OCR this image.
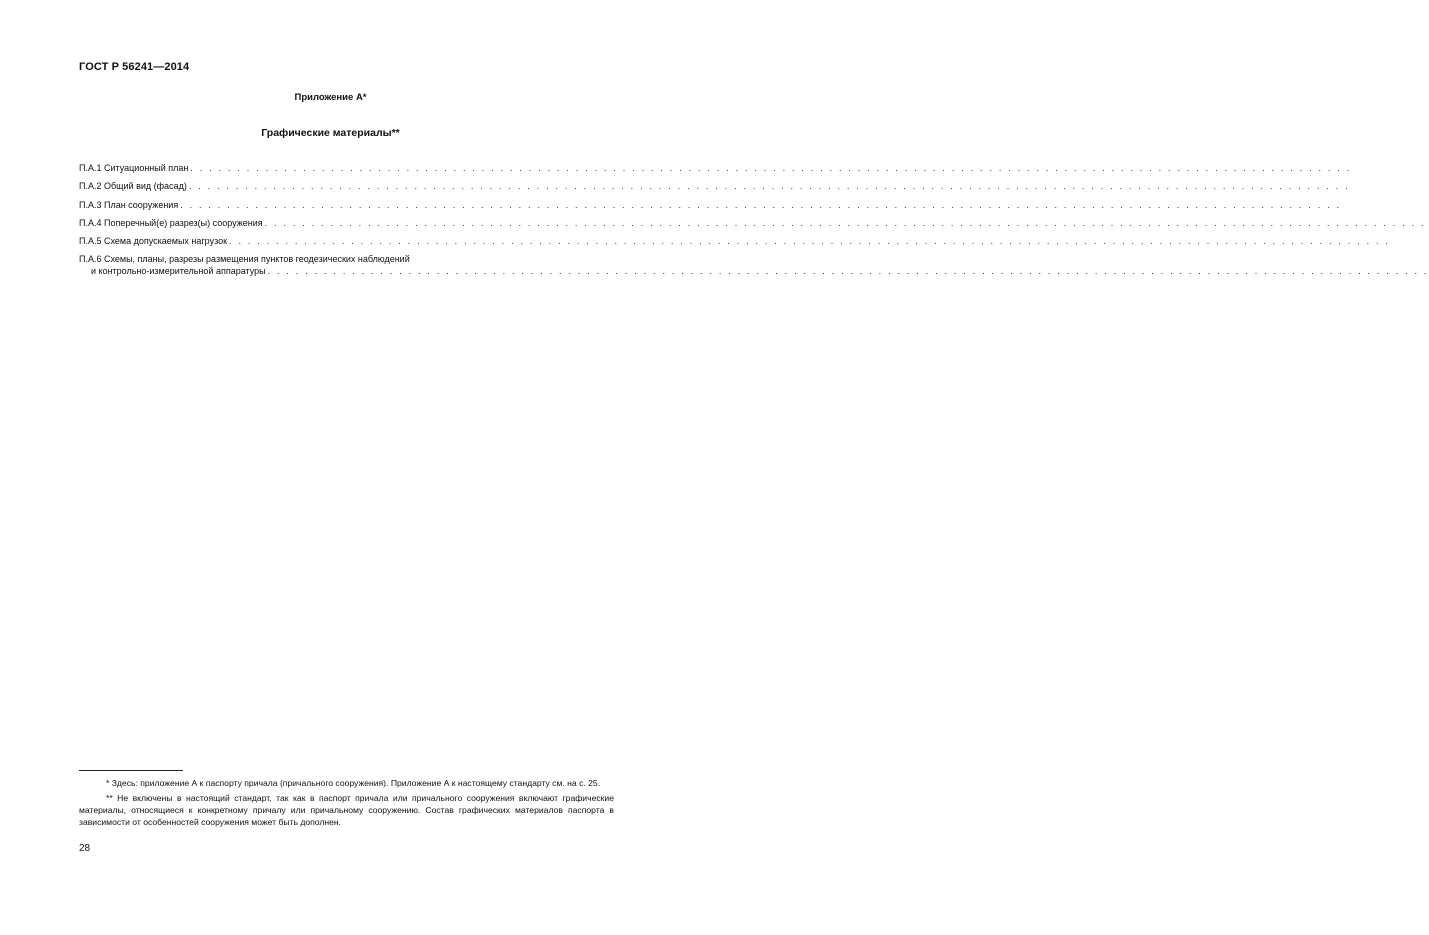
ГОСТ Р 56241—2014
Приложение А*
Графические материалы**
П.А.1 Ситуационный план . . . . . . . . . . . . . . . . . . . . . . . . . . . . . . . . . . . . . . . . . . . . . . . . . . . . . . . . . . . . . . . . . . . . . . . . . . . . . . . . . . . . . . . . . . . . . . . . . . . . . . . . . . . . . . . . . . . . . . . . . . . .
П.А.2 Общий вид (фасад) . . . . . . . . . . . . . . . . . . . . . . . . . . . . . . . . . . . . . . . . . . . . . . . . . . . . . . . . . . . . . . . . . . . . . . . . . . . . . . . . . . . . . . . . . . . . . . . . . . . . . . . . . . . . . . . . . . . . . . . . . . . .
П.А.3 План сооружения . . . . . . . . . . . . . . . . . . . . . . . . . . . . . . . . . . . . . . . . . . . . . . . . . . . . . . . . . . . . . . . . . . . . . . . . . . . . . . . . . . . . . . . . . . . . . . . . . . . . . . . . . . . . . . . . . . . . . . . . . . . .
П.А.4 Поперечный(е) разрез(ы) сооружения . . . . . . . . . . . . . . . . . . . . . . . . . . . . . . . . . . . . . . . . . . . . . . . . . . . . . . . . . . . . . . . . . . . . . . . . . . . . . . . . . . . . . . . . . . . . . . . . . . . . . . . . . . . . . . . . . . . . . . . . . . . .
П.А.5 Схема допускаемых нагрузок . . . . . . . . . . . . . . . . . . . . . . . . . . . . . . . . . . . . . . . . . . . . . . . . . . . . . . . . . . . . . . . . . . . . . . . . . . . . . . . . . . . . . . . . . . . . . . . . . . . . . . . . . . . . . . . . . . . . . . . . . . . .
П.А.6 Схемы, планы, разрезы размещения пунктов геодезических наблюдений
и контрольно-измерительной аппаратуры . . . . . . . . . . . . . . . . . . . . . . . . . . . . . . . . . . . . . . . . . . . . . . . . . . . . . . . . . . . . . . . . . . . . . . . . . . . . . . . . . . . . . . . . . . . . . . . . . . . . . . . . . . . . . . . . . . . . . . . . . . . .

* Здесь: приложение А к паспорту причала (причального сооружения). Приложение А к настоящему стандарту см. на с. 25.

** Не включены в настоящий стандарт, так как в паспорт причала или причального сооружения включают графические материалы, относящиеся к конкретному причалу или причальному сооружению. Состав графических материалов паспорта в зависимости от особенностей сооружения может быть дополнен.

28
